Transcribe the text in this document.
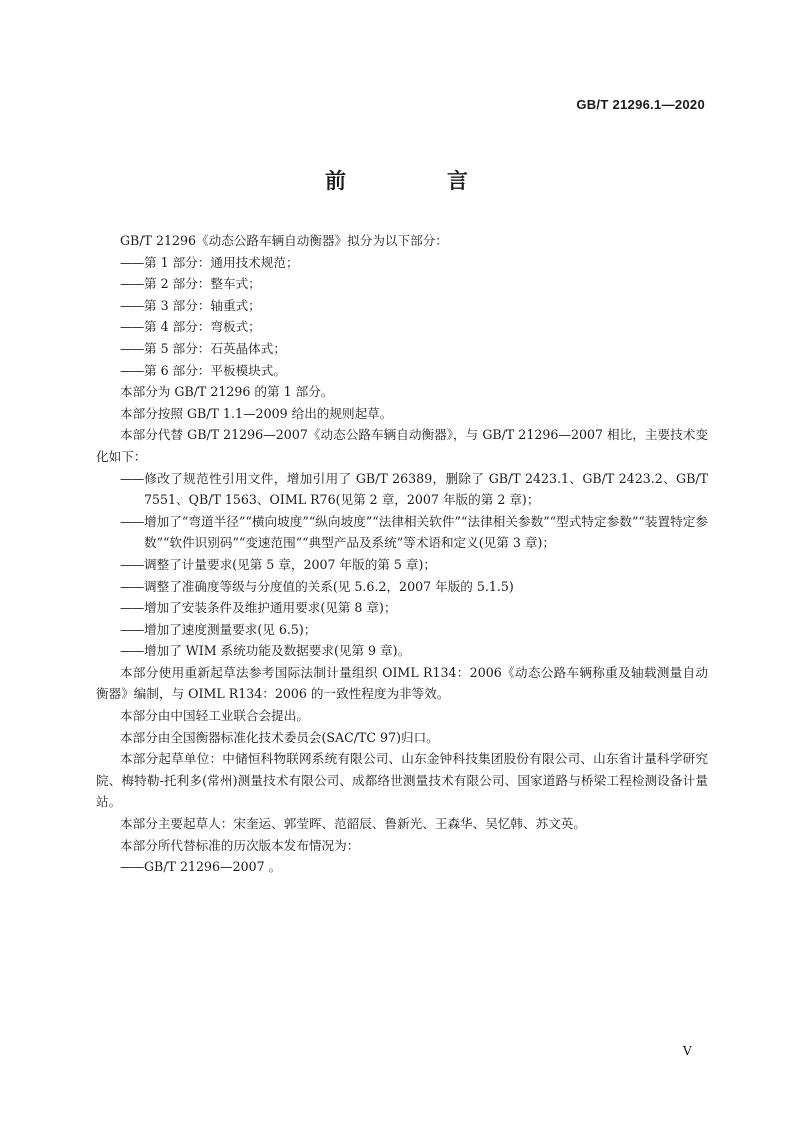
GB/T 21296.1—2020
前　言

GB/T 21296《动态公路车辆自动衡器》拟分为以下部分：

—— 第 1 部分：通用技术规范；

—— 第 2 部分：整车式；

—— 第 3 部分：轴重式；

—— 第 4 部分：弯板式；

—— 第 5 部分：石英晶体式；

—— 第 6 部分：平板模块式。

本部分为 GB/T 21296 的第 1 部分。

本部分按照 GB/T 1.1—2009 给出的规则起草。

本部分代替 GB/T 21296—2007《动态公路车辆自动衡器》，与 GB/T 21296—2007 相比，主要技术变化如下：

—— 修改了规范性引用文件，增加引用了 GB/T 26389，删除了 GB/T 2423.1、GB/T 2423.2、GB/T 7551、QB/T 1563、OIML R76(见第 2 章，2007 年版的第 2 章)；

—— 增加了“弯道半径”“横向坡度”“纵向坡度”“法律相关软件”“法律相关参数”“型式特定参数”“装置特定参数”“软件识别码”“变速范围”“典型产品及系统”等术语和定义(见第 3 章)；

—— 调整了计量要求(见第 5 章，2007 年版的第 5 章)；

—— 调整了准确度等级与分度值的关系(见 5.6.2，2007 年版的 5.1.5)

—— 增加了安装条件及维护通用要求(见第 8 章)；

—— 增加了速度测量要求(见 6.5)；

—— 增加了 WIM 系统功能及数据要求(见第 9 章)。

本部分使用重新起草法参考国际法制计量组织 OIML R134：2006《动态公路车辆称重及轴载测量自动衡器》编制，与 OIML R134：2006 的一致性程度为非等效。

本部分由中国轻工业联合会提出。

本部分由全国衡器标准化技术委员会(SAC/TC 97)归口。

本部分起草单位：中储恒科物联网系统有限公司、山东金钟科技集团股份有限公司、山东省计量科学研究院、梅特勒-托利多(常州)测量技术有限公司、成都络世测量技术有限公司、国家道路与桥梁工程检测设备计量站。

本部分主要起草人：宋奎运、郭莹晖、范韶辰、鲁新光、王森华、吴忆韩、苏文英。

本部分所代替标准的历次版本发布情况为：

—— GB/T 21296—2007 。

V
